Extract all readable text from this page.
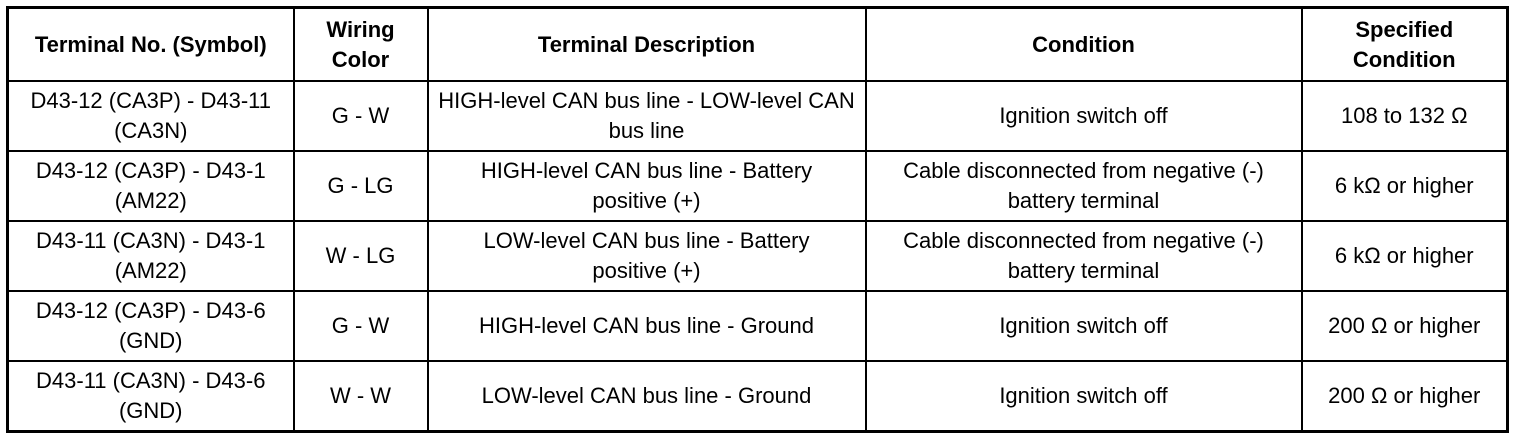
Terminal No. (Symbol)	Wiring Color	Terminal Description	Condition	Specified Condition
D43-12 (CA3P) - D43-11 (CA3N)	G - W	HIGH-level CAN bus line - LOW-level CAN bus line	Ignition switch off	108 to 132 Ω
D43-12 (CA3P) - D43-1 (AM22)	G - LG	HIGH-level CAN bus line - Battery positive (+)	Cable disconnected from negative (-) battery terminal	6 kΩ or higher
D43-11 (CA3N) - D43-1 (AM22)	W - LG	LOW-level CAN bus line - Battery positive (+)	Cable disconnected from negative (-) battery terminal	6 kΩ or higher
D43-12 (CA3P) - D43-6 (GND)	G - W	HIGH-level CAN bus line - Ground	Ignition switch off	200 Ω or higher
D43-11 (CA3N) - D43-6 (GND)	W - W	LOW-level CAN bus line - Ground	Ignition switch off	200 Ω or higher
